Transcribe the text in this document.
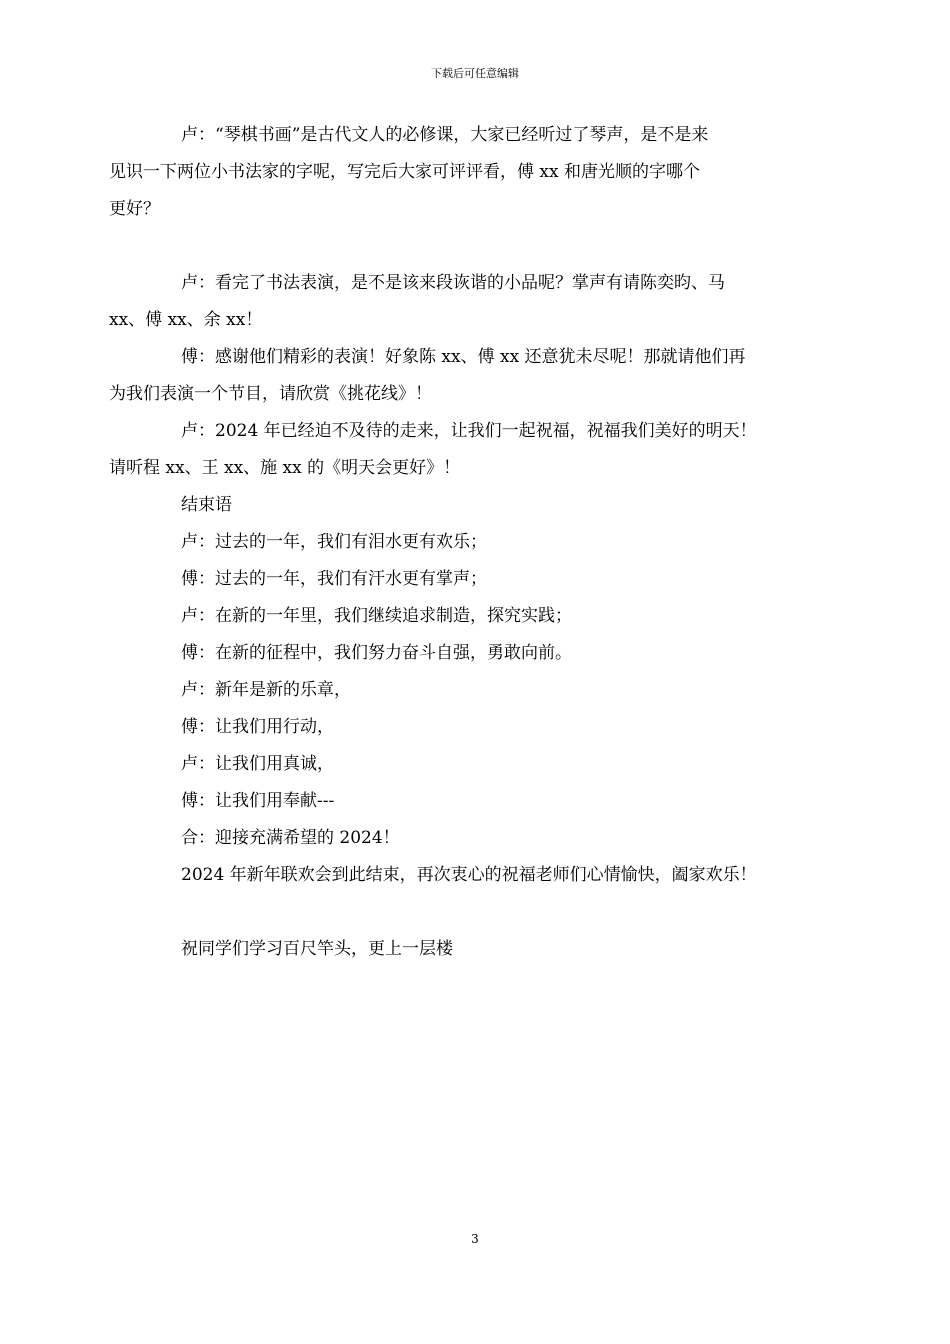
下载后可任意编辑

卢：“琴棋书画”是古代文人的必修课，大家已经听过了琴声，是不是来
见识一下两位小书法家的字呢，写完后大家可评评看，傅 xx 和唐光顺的字哪个
更好？

卢：看完了书法表演，是不是该来段诙谐的小品呢？掌声有请陈奕昀、马
xx、傅 xx、余 xx！

傅：感谢他们精彩的表演！好象陈 xx、傅 xx 还意犹未尽呢！那就请他们再
为我们表演一个节目，请欣赏《挑花线》！

卢：2024 年已经迫不及待的走来，让我们一起祝福，祝福我们美好的明天！
请听程 xx、王 xx、施 xx 的《明天会更好》！

结束语

卢：过去的一年，我们有泪水更有欢乐；

傅：过去的一年，我们有汗水更有掌声；

卢：在新的一年里，我们继续追求制造，探究实践；

傅：在新的征程中，我们努力奋斗自强，勇敢向前。

卢：新年是新的乐章，

傅：让我们用行动，

卢：让我们用真诚，

傅：让我们用奉献---

合：迎接充满希望的 2024！

2024 年新年联欢会到此结束，再次衷心的祝福老师们心情愉快，阖家欢乐！

祝同学们学习百尺竿头，更上一层楼

3
